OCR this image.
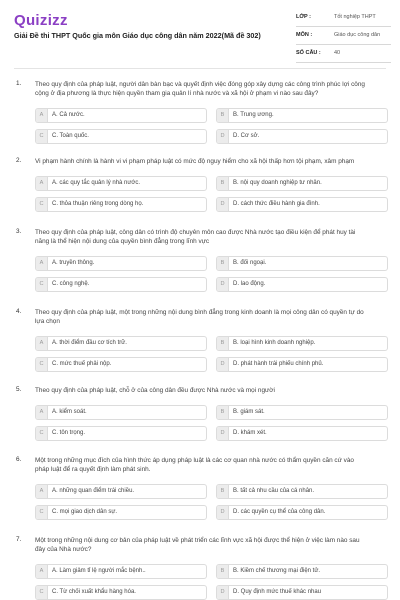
Quizizz
Giải Đề thi THPT Quốc gia môn Giáo dục công dân năm 2022(Mã đề 302)
LỚP :	Tốt nghiệp THPT
MÔN :	Giáo dục công dân
SỐ CÂU : 40
1. Theo quy định của pháp luật, người dân bàn bạc và quyết định việc đóng góp xây dựng các công trình phúc lợi công
cộng ở địa phương là thực hiện quyền tham gia quản lí nhà nước và xã hội ở phạm vi nào sau đây?
A	A. Cả nước.	B	B. Trung ương.
C	C. Toàn quốc.	D	D. Cơ sở.
2. Vi phạm hành chính là hành vi vi phạm pháp luật có mức độ nguy hiểm cho xã hội thấp hơn tội phạm, xâm phạm
A	A. các quy tắc quản lý nhà nước.	B	B. nội quy doanh nghiệp tư nhân.
C	C. thỏa thuận riêng trong dòng họ.	D	D. cách thức điều hành gia đình.
3. Theo quy định của pháp luật, công dân có trình độ chuyên môn cao được Nhà nước tạo điều kiện để phát huy tài
năng là thể hiện nội dung của quyền bình đẳng trong lĩnh vực
A	A. truyền thông.	B	B. đối ngoại.
C	C. công nghệ.	D	D. lao động.
4. Theo quy định của pháp luật, một trong những nội dung bình đẳng trong kinh doanh là mọi công dân có quyền tự do
lựa chọn
A	A. thời điểm đầu cơ tích trữ.	B	B. loại hình kinh doanh nghiệp.
C	C. mức thuế phải nộp.	D	D. phát hành trái phiếu chính phủ.
5. Theo quy định của pháp luật, chỗ ở của công dân đều được Nhà nước và mọi người
A	A. kiểm soát.	B	B. giám sát.
C	C. tôn trọng.	D	D. khám xét.
6. Một trong những mục đích của hình thức áp dụng pháp luật là các cơ quan nhà nước có thẩm quyền căn cứ vào
pháp luật để ra quyết định làm phát sinh.
A	A. những quan điểm trái chiều.	B	B. tất cả nhu cầu của cá nhân.
C	C. mọi giao dịch dân sự.	D	D. các quyền cụ thể của công dân.
7. Một trong những nội dung cơ bản của pháp luật về phát triển các lĩnh vực xã hội được thể hiện ở việc làm nào sau
đây của Nhà nước?
A	A. Làm giảm tỉ lệ người mắc bệnh..	B	B. Kiềm chế thương mại điện tử.
C	C. Từ chối xuất khẩu hàng hóa.	D	D. Quy định mức thuế khác nhau
